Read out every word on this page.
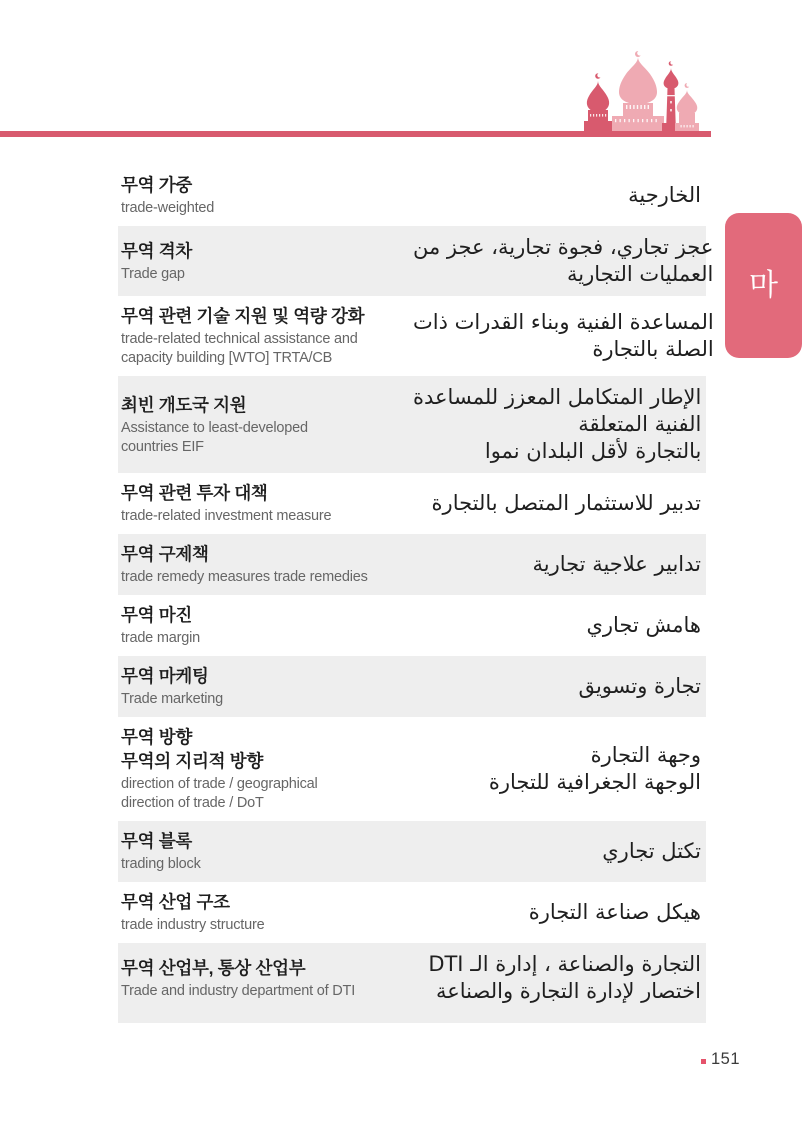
마
무역 가중
trade-weighted
الخارجية
무역 격차
Trade gap
عجز تجاري، فجوة تجارية، عجز من
العمليات التجارية
무역 관련 기술 지원 및 역량 강화
trade-related technical assistance and
capacity building [WTO] TRTA/CB
المساعدة الفنية وبناء القدرات ذات
الصلة بالتجارة
최빈 개도국 지원
Assistance to least-developed
countries EIF
الإطار المتكامل المعزز للمساعدة
الفنية المتعلقة
بالتجارة لأقل البلدان نموا
무역 관련 투자 대책
trade-related investment measure
تدبير للاستثمار المتصل بالتجارة
무역 구제책
trade remedy measures trade remedies
تدابير علاجية تجارية
무역 마진
trade margin
هامش تجاري
무역 마케팅
Trade marketing
تجارة وتسويق
무역 방향
무역의 지리적 방향
direction of trade / geographical
direction of trade / DoT
وجهة التجارة
الوجهة الجغرافية للتجارة
무역 블록
trading block
تكتل تجاري
무역 산업 구조
trade industry structure
هيكل صناعة التجارة
무역 산업부, 통상 산업부
Trade and industry department of DTI
التجارة والصناعة ، إدارة الـ DTI
اختصار لإدارة التجارة والصناعة
151
